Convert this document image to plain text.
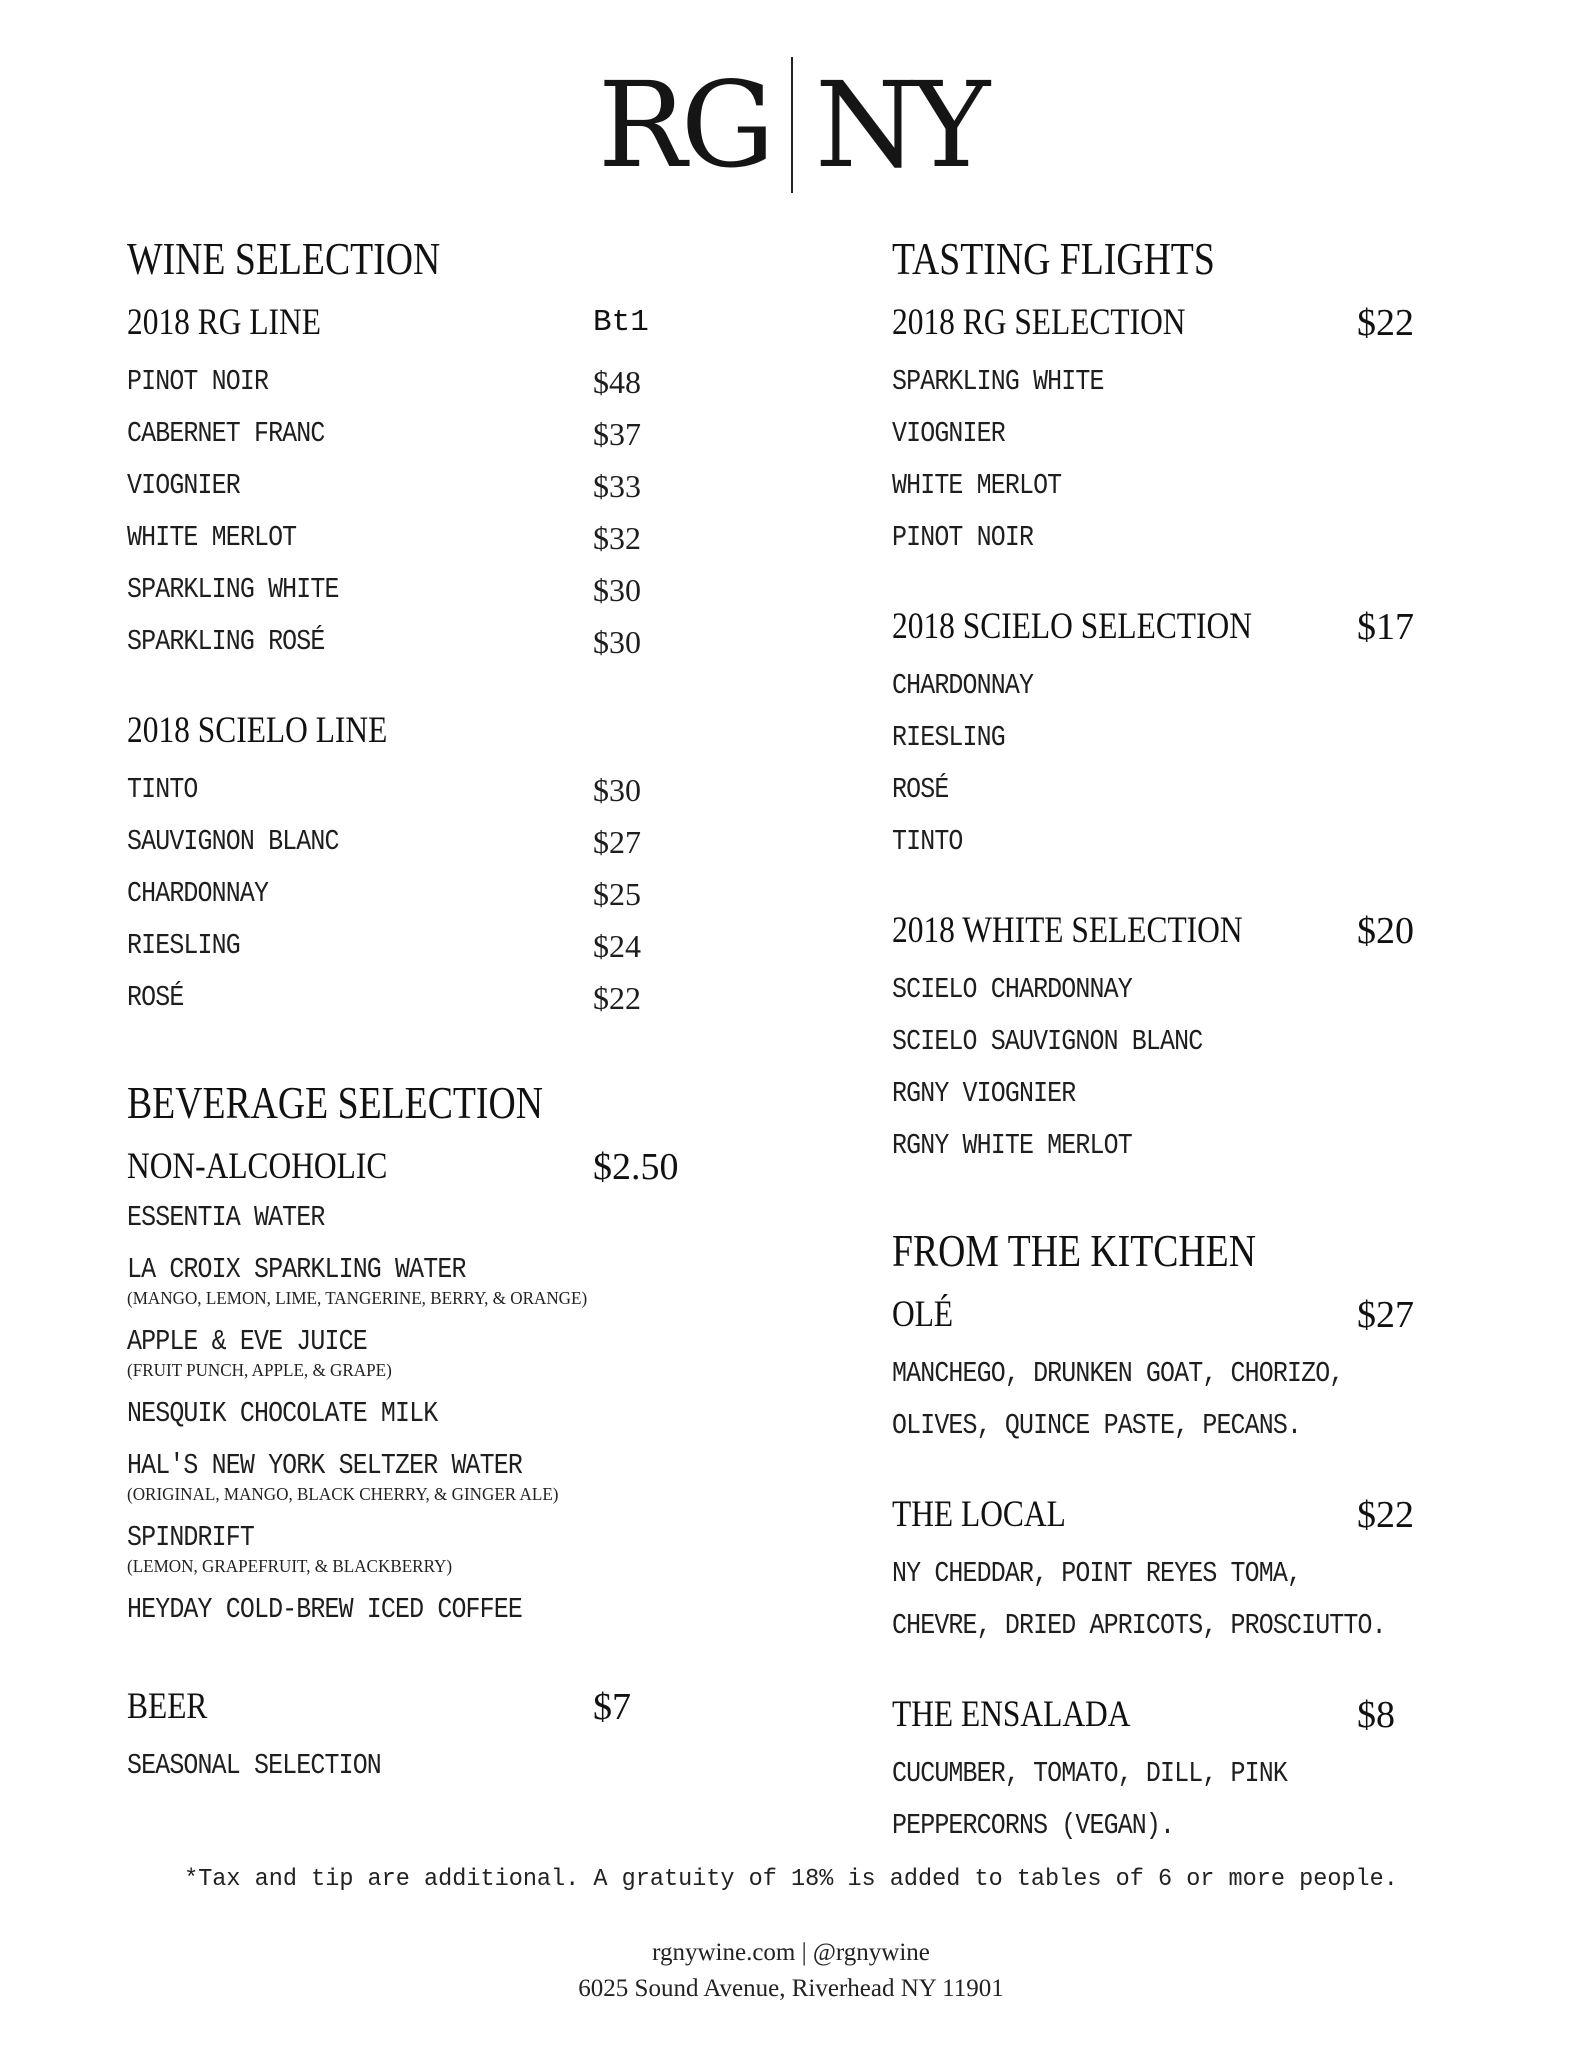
RG NY
WINE SELECTION
2018 RG LINE	Bt1
PINOT NOIR	$48
CABERNET FRANC	$37
VIOGNIER	$33
WHITE MERLOT	$32
SPARKLING WHITE	$30
SPARKLING ROSÉ	$30
2018 SCIELO LINE
TINTO	$30
SAUVIGNON BLANC	$27
CHARDONNAY	$25
RIESLING	$24
ROSÉ	$22
BEVERAGE SELECTION
NON-ALCOHOLIC	$2.50
ESSENTIA WATER
LA CROIX SPARKLING WATER
(MANGO, LEMON, LIME, TANGERINE, BERRY, & ORANGE)
APPLE & EVE JUICE
(FRUIT PUNCH, APPLE, & GRAPE)
NESQUIK CHOCOLATE MILK
HAL'S NEW YORK SELTZER WATER
(ORIGINAL, MANGO, BLACK CHERRY, & GINGER ALE)
SPINDRIFT
(LEMON, GRAPEFRUIT, & BLACKBERRY)
HEYDAY COLD-BREW ICED COFFEE
BEER	$7
SEASONAL SELECTION
TASTING FLIGHTS
2018 RG SELECTION	$22
SPARKLING WHITE
VIOGNIER
WHITE MERLOT
PINOT NOIR
2018 SCIELO SELECTION	$17
CHARDONNAY
RIESLING
ROSÉ
TINTO
2018 WHITE SELECTION	$20
SCIELO CHARDONNAY
SCIELO SAUVIGNON BLANC
RGNY VIOGNIER
RGNY WHITE MERLOT
FROM THE KITCHEN
OLÉ	$27
MANCHEGO, DRUNKEN GOAT, CHORIZO,
OLIVES, QUINCE PASTE, PECANS.
THE LOCAL	$22
NY CHEDDAR, POINT REYES TOMA,
CHEVRE, DRIED APRICOTS, PROSCIUTTO.
THE ENSALADA	$8
CUCUMBER, TOMATO, DILL, PINK
PEPPERCORNS (VEGAN).
*Tax and tip are additional. A gratuity of 18% is added to tables of 6 or more people.
rgnywine.com | @rgnywine
6025 Sound Avenue, Riverhead NY 11901
